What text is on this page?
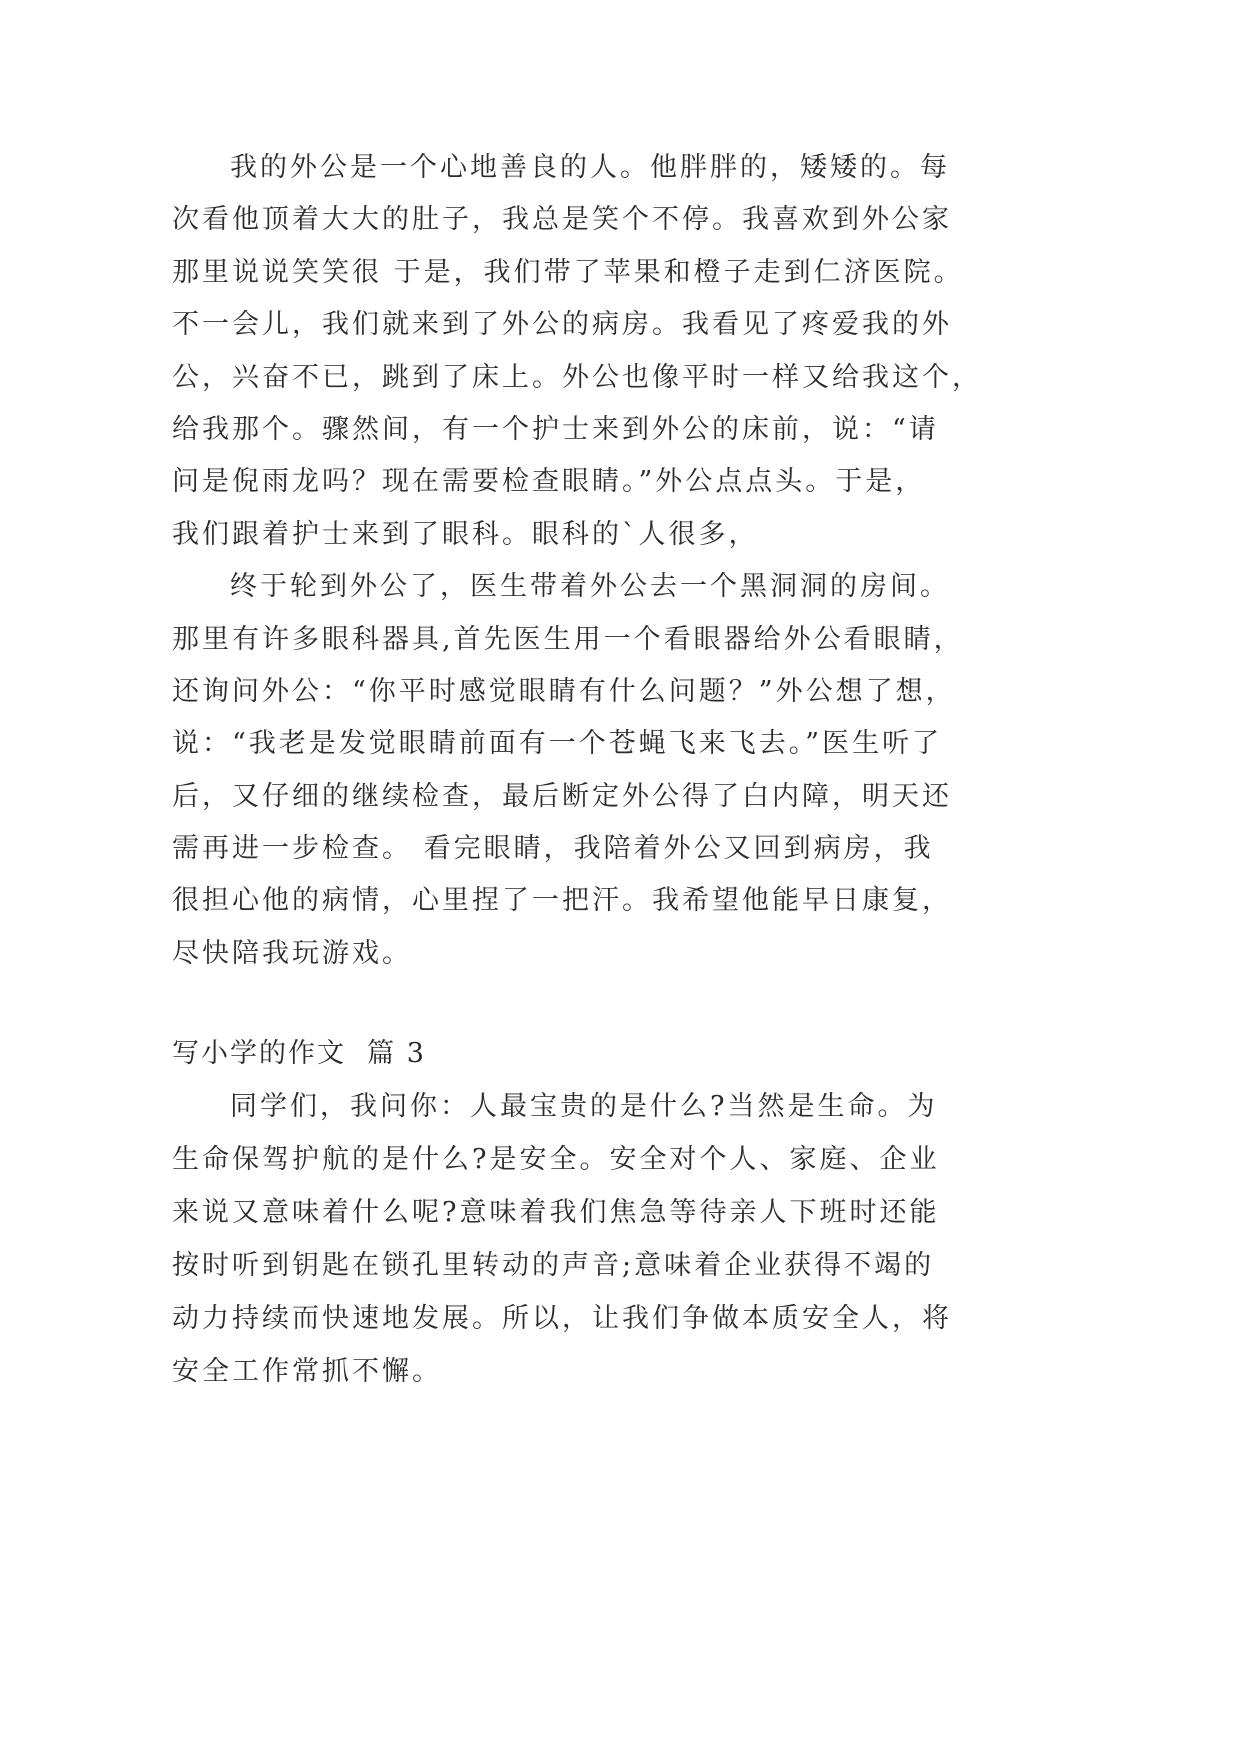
我的外公是一个心地善良的人。他胖胖的，矮矮的。每
次看他顶着大大的肚子，我总是笑个不停。我喜欢到外公家
那里说说笑笑很 于是，我们带了苹果和橙子走到仁济医院。
不一会儿，我们就来到了外公的病房。我看见了疼爱我的外
公，兴奋不已，跳到了床上。外公也像平时一样又给我这个，
给我那个。骤然间，有一个护士来到外公的床前，说：“请
问是倪雨龙吗？现在需要检查眼睛。”外公点点头。于是，
我们跟着护士来到了眼科。眼科的`人很多，
终于轮到外公了，医生带着外公去一个黑洞洞的房间。
那里有许多眼科器具,首先医生用一个看眼器给外公看眼睛，
还询问外公：“你平时感觉眼睛有什么问题？”外公想了想，
说：“我老是发觉眼睛前面有一个苍蝇飞来飞去。”医生听了
后，又仔细的继续检查，最后断定外公得了白内障，明天还
需再进一步检查。 看完眼睛，我陪着外公又回到病房，我
很担心他的病情，心里捏了一把汗。我希望他能早日康复，
尽快陪我玩游戏。
写小学的作文  篇 3
同学们，我问你：人最宝贵的是什么?当然是生命。为
生命保驾护航的是什么?是安全。安全对个人、家庭、企业
来说又意味着什么呢?意味着我们焦急等待亲人下班时还能
按时听到钥匙在锁孔里转动的声音;意味着企业获得不竭的
动力持续而快速地发展。所以，让我们争做本质安全人，将
安全工作常抓不懈。
